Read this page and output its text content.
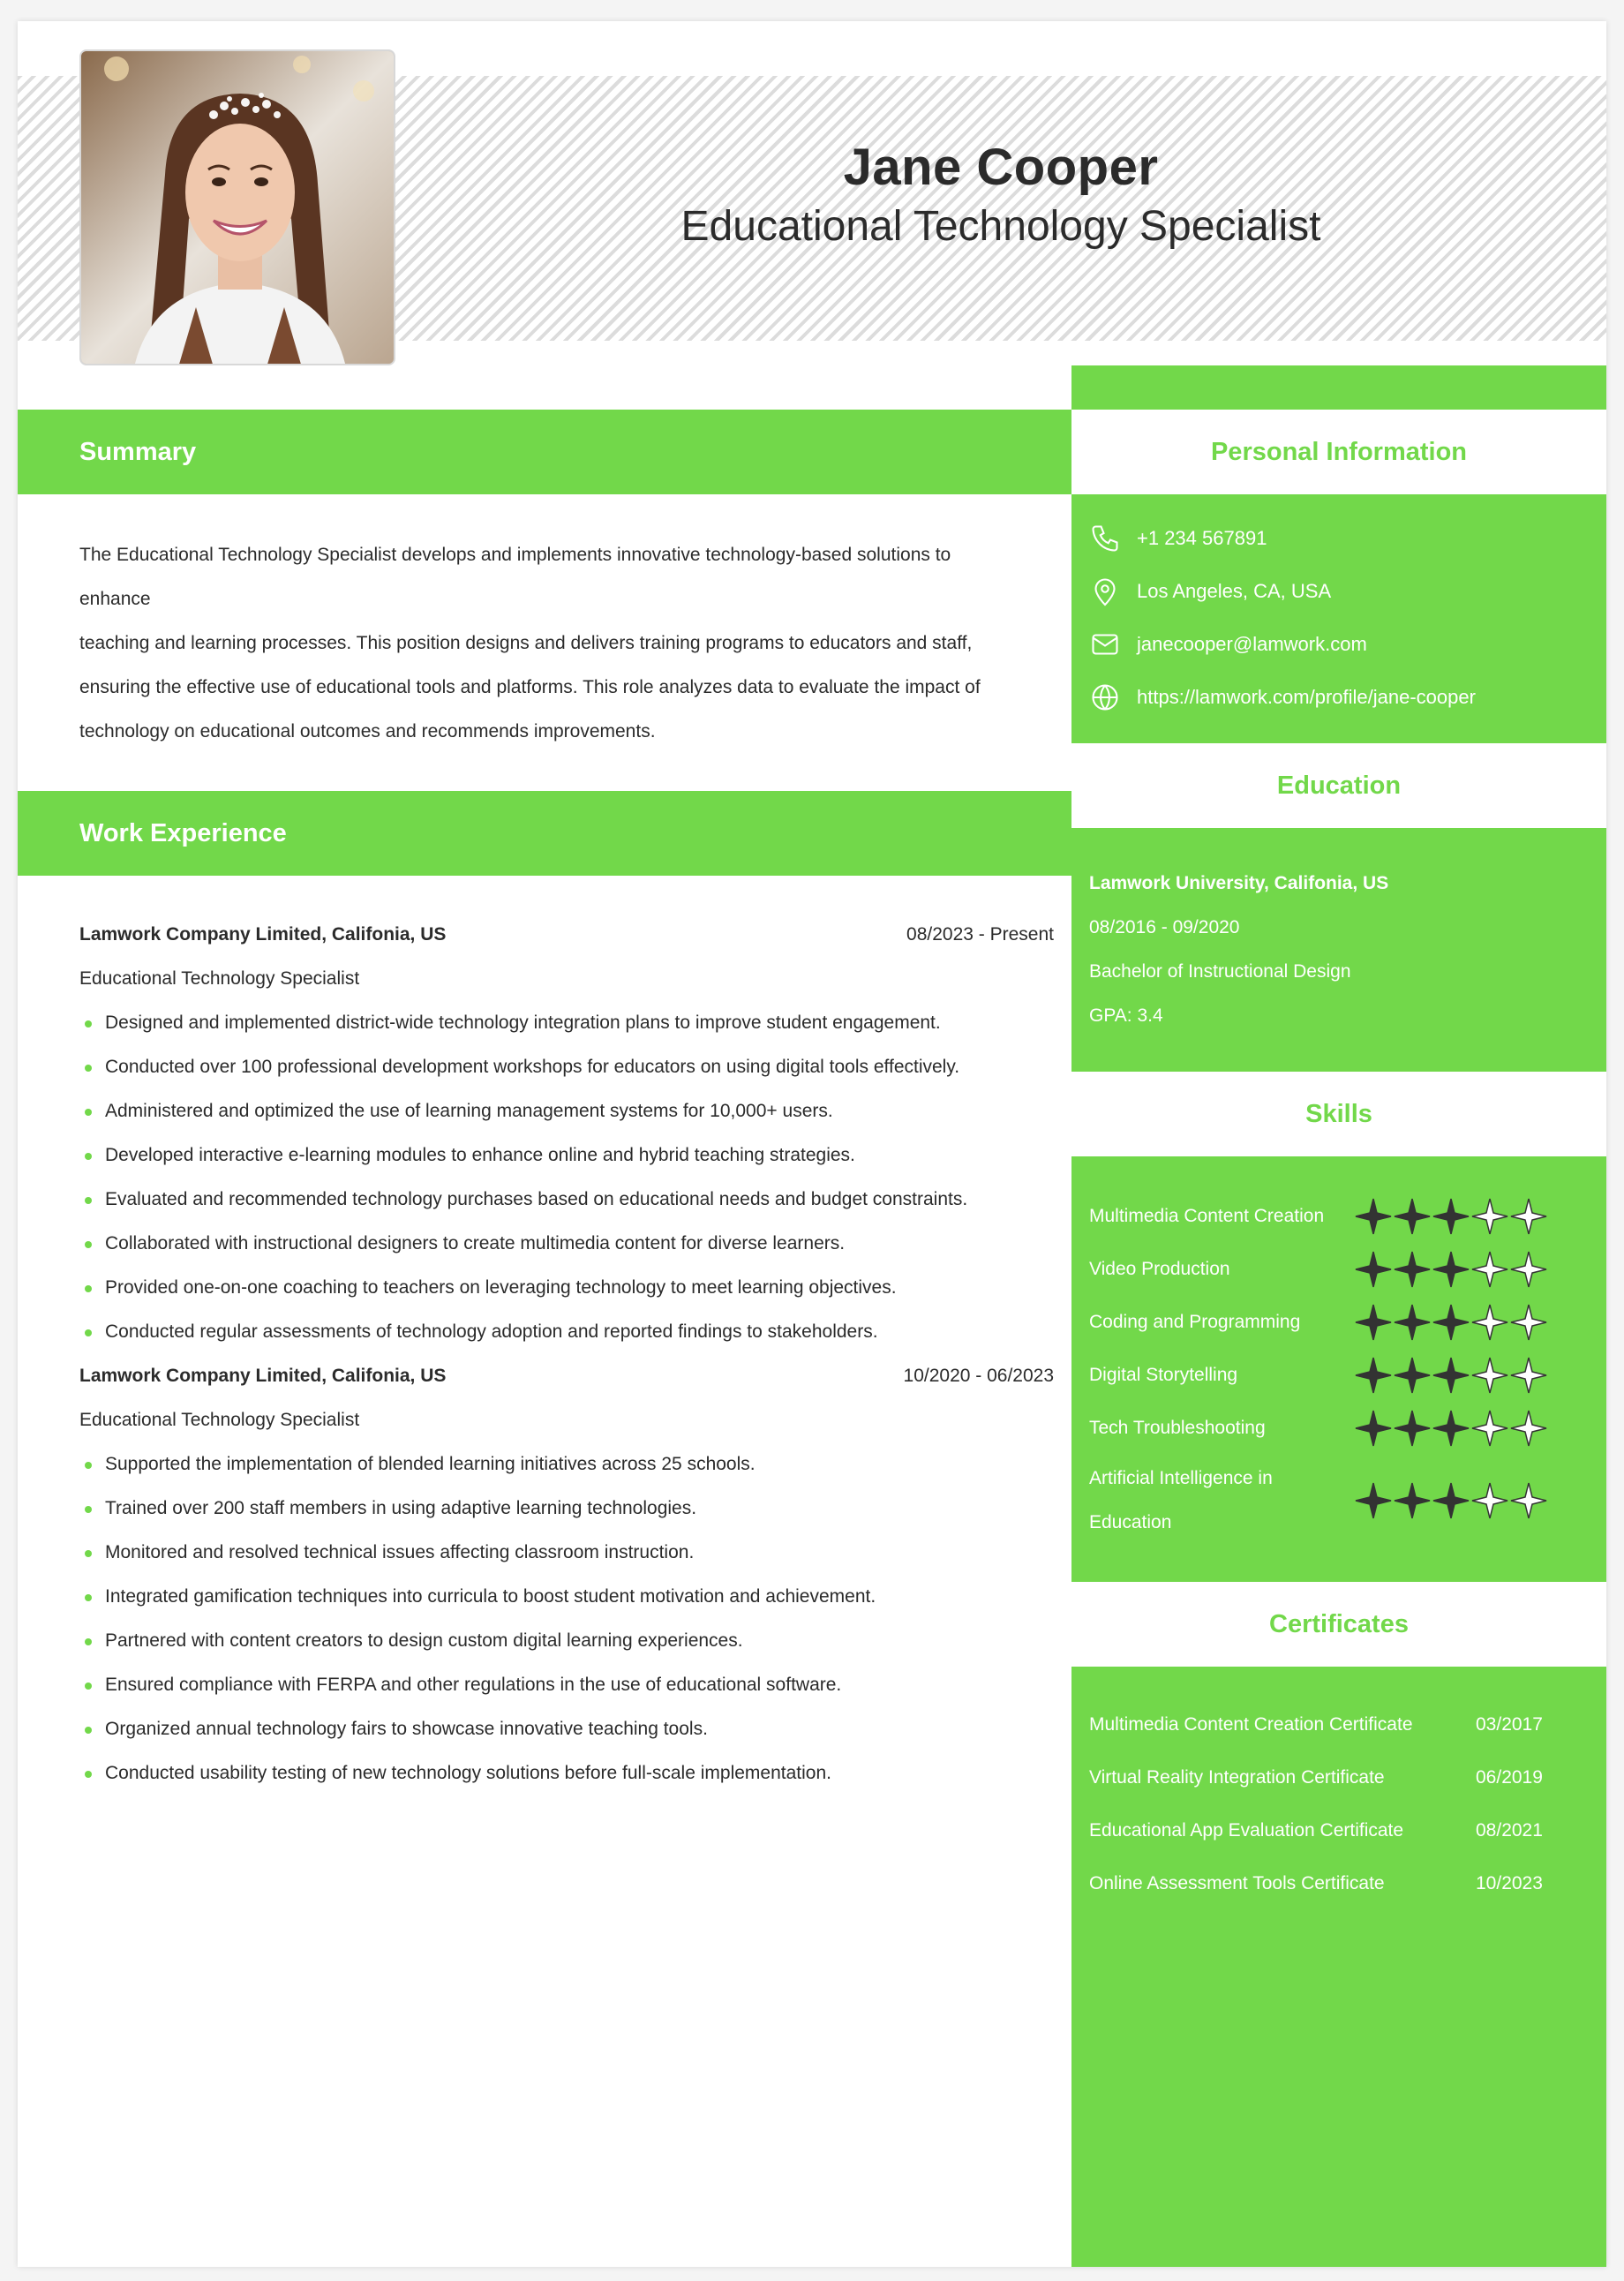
Jane Cooper
Educational Technology Specialist
Summary
The Educational Technology Specialist develops and implements innovative technology-based solutions to enhance
teaching and learning processes. This position designs and delivers training programs to educators and staff,
ensuring the effective use of educational tools and platforms. This role analyzes data to evaluate the impact of
technology on educational outcomes and recommends improvements.
Work Experience
Lamwork Company Limited, Califonia, US	08/2023 - Present
Educational Technology Specialist
Designed and implemented district-wide technology integration plans to improve student engagement.
Conducted over 100 professional development workshops for educators on using digital tools effectively.
Administered and optimized the use of learning management systems for 10,000+ users.
Developed interactive e-learning modules to enhance online and hybrid teaching strategies.
Evaluated and recommended technology purchases based on educational needs and budget constraints.
Collaborated with instructional designers to create multimedia content for diverse learners.
Provided one-on-one coaching to teachers on leveraging technology to meet learning objectives.
Conducted regular assessments of technology adoption and reported findings to stakeholders.
Lamwork Company Limited, Califonia, US	10/2020 - 06/2023
Educational Technology Specialist
Supported the implementation of blended learning initiatives across 25 schools.
Trained over 200 staff members in using adaptive learning technologies.
Monitored and resolved technical issues affecting classroom instruction.
Integrated gamification techniques into curricula to boost student motivation and achievement.
Partnered with content creators to design custom digital learning experiences.
Ensured compliance with FERPA and other regulations in the use of educational software.
Organized annual technology fairs to showcase innovative teaching tools.
Conducted usability testing of new technology solutions before full-scale implementation.
Personal Information
+1 234 567891
Los Angeles, CA, USA
janecooper@lamwork.com
https://lamwork.com/profile/jane-cooper
Education
Lamwork University, Califonia, US
08/2016 - 09/2020
Bachelor of Instructional Design
GPA: 3.4
Skills
Multimedia Content Creation
Video Production
Coding and Programming
Digital Storytelling
Tech Troubleshooting
Artificial Intelligence in Education
Certificates
Multimedia Content Creation Certificate	03/2017
Virtual Reality Integration Certificate	06/2019
Educational App Evaluation Certificate	08/2021
Online Assessment Tools Certificate	10/2023
